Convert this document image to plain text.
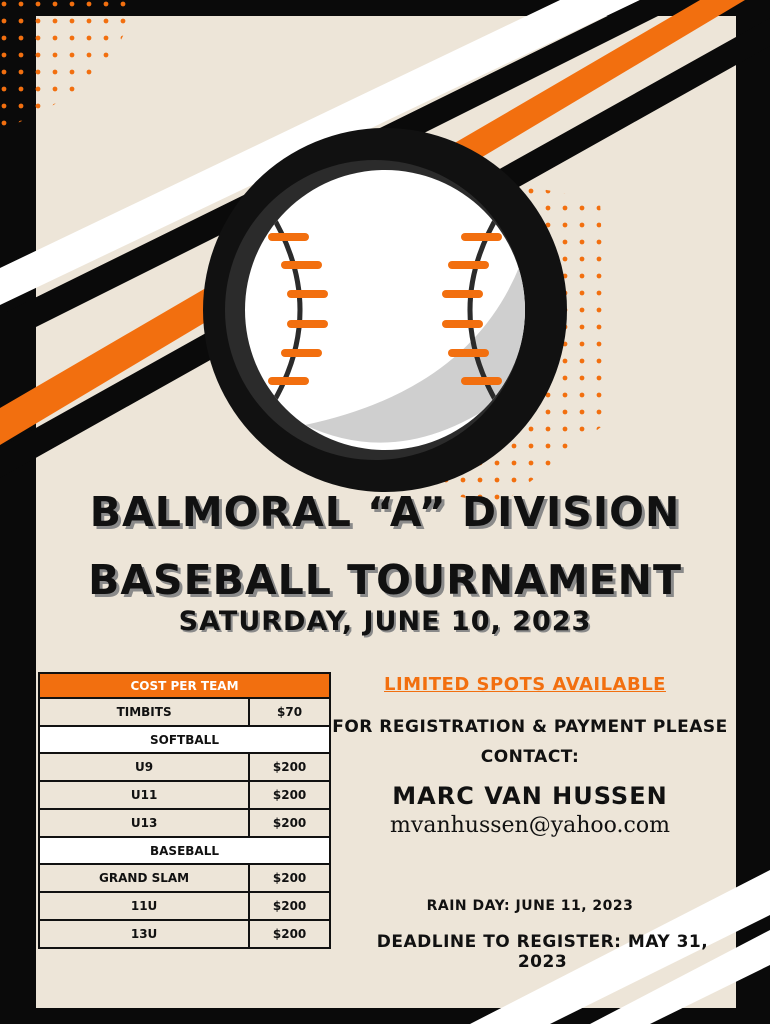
BALMORAL “A” DIVISION
BASEBALL TOURNAMENT
SATURDAY, JUNE 10, 2023
COST PER TEAM	
TIMBITS	$70
SOFTBALL	
U9	$200
U11	$200
U13	$200
BASEBALL	
GRAND SLAM	$200
11U	$200
13U	$200
LIMITED SPOTS AVAILABLE
FOR REGISTRATION & PAYMENT PLEASE
CONTACT:
MARC VAN HUSSEN
mvanhussen@yahoo.com
RAIN DAY: JUNE 11, 2023
DEADLINE TO REGISTER: MAY 31, 2023
